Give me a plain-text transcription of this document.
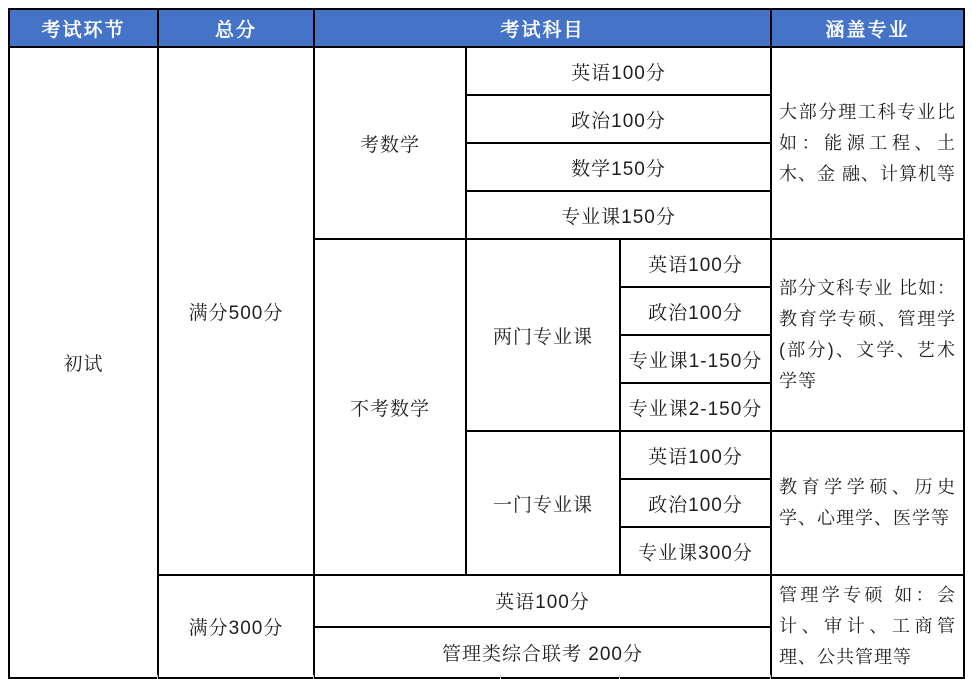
考试环节	总分	考试科目			涵盖专业
初试	满分500分	考数学	英语100分		大部分理工科专业比如：能源工程、土木、金 融、计算机等
			政治100分		
			数学150分		
			专业课150分		
		不考数学	两门专业课	英语100分	部分文科专业 比如：教育学专硕、管理学(部分)、文学、艺术学等
				政治100分	
				专业课1-150分	
				专业课2-150分	
			一门专业课	英语100分	教育学学硕、历史学、心理学、医学等
				政治100分	
				专业课300分	
	满分300分	英语100分			管理学专硕 如：会计、审计、工商管理、公共管理等
		管理类综合联考 200分			
